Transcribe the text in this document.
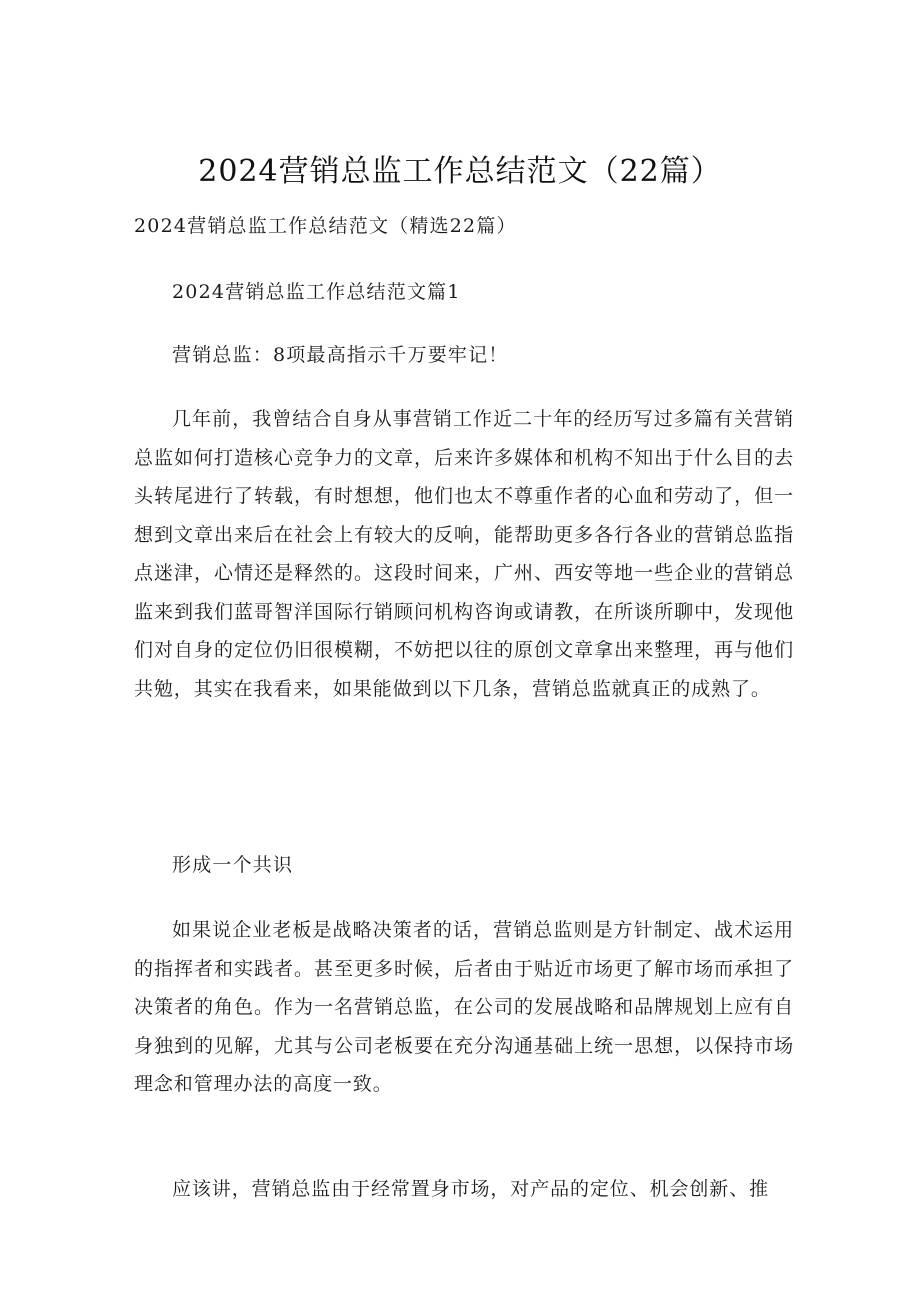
2024营销总监工作总结范文（22篇）

2024营销总监工作总结范文（精选22篇）

2024营销总监工作总结范文篇1

营销总监：8项最高指示千万要牢记！

几年前，我曾结合自身从事营销工作近二十年的经历写过多篇有关营销总监如何打造核心竞争力的文章，后来许多媒体和机构不知出于什么目的去头转尾进行了转载，有时想想，他们也太不尊重作者的心血和劳动了，但一想到文章出来后在社会上有较大的反响，能帮助更多各行各业的营销总监指点迷津，心情还是释然的。这段时间来，广州、西安等地一些企业的营销总监来到我们蓝哥智洋国际行销顾问机构咨询或请教，在所谈所聊中，发现他们对自身的定位仍旧很模糊，不妨把以往的原创文章拿出来整理，再与他们共勉，其实在我看来，如果能做到以下几条，营销总监就真正的成熟了。

形成一个共识

如果说企业老板是战略决策者的话，营销总监则是方针制定、战术运用的指挥者和实践者。甚至更多时候，后者由于贴近市场更了解市场而承担了决策者的角色。作为一名营销总监，在公司的发展战略和品牌规划上应有自身独到的见解，尤其与公司老板要在充分沟通基础上统一思想，以保持市场理念和管理办法的高度一致。

应该讲，营销总监由于经常置身市场，对产品的定位、机会创新、推
